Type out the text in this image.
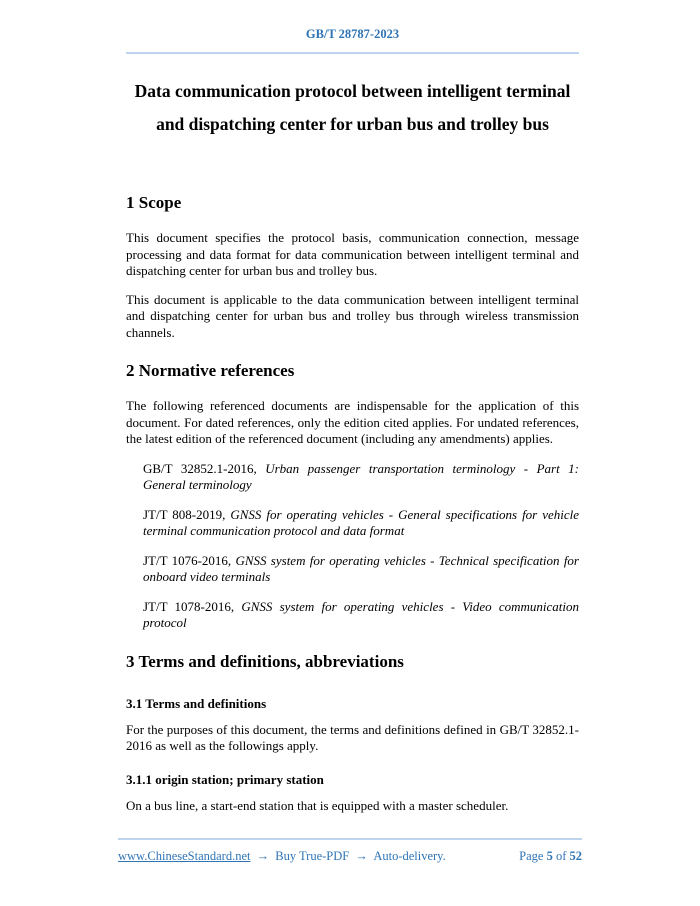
GB/T 28787-2023
Data communication protocol between intelligent terminal
and dispatching center for urban bus and trolley bus
1 Scope

This document specifies the protocol basis, communication connection, message processing and data format for data communication between intelligent terminal and dispatching center for urban bus and trolley bus.

This document is applicable to the data communication between intelligent terminal and dispatching center for urban bus and trolley bus through wireless transmission channels.

2 Normative references

The following referenced documents are indispensable for the application of this document. For dated references, only the edition cited applies. For undated references, the latest edition of the referenced document (including any amendments) applies.

GB/T 32852.1-2016, Urban passenger transportation terminology - Part 1: General terminology

JT/T 808-2019, GNSS for operating vehicles - General specifications for vehicle terminal communication protocol and data format

JT/T 1076-2016, GNSS system for operating vehicles - Technical specification for onboard video terminals

JT/T 1078-2016, GNSS system for operating vehicles - Video communication protocol

3 Terms and definitions, abbreviations
3.1 Terms and definitions

For the purposes of this document, the terms and definitions defined in GB/T 32852.1-2016 as well as the followings apply.

3.1.1 origin station; primary station

On a bus line, a start-end station that is equipped with a master scheduler.

www.ChineseStandard.net → Buy True-PDF → Auto-delivery.	Page 5 of 52
